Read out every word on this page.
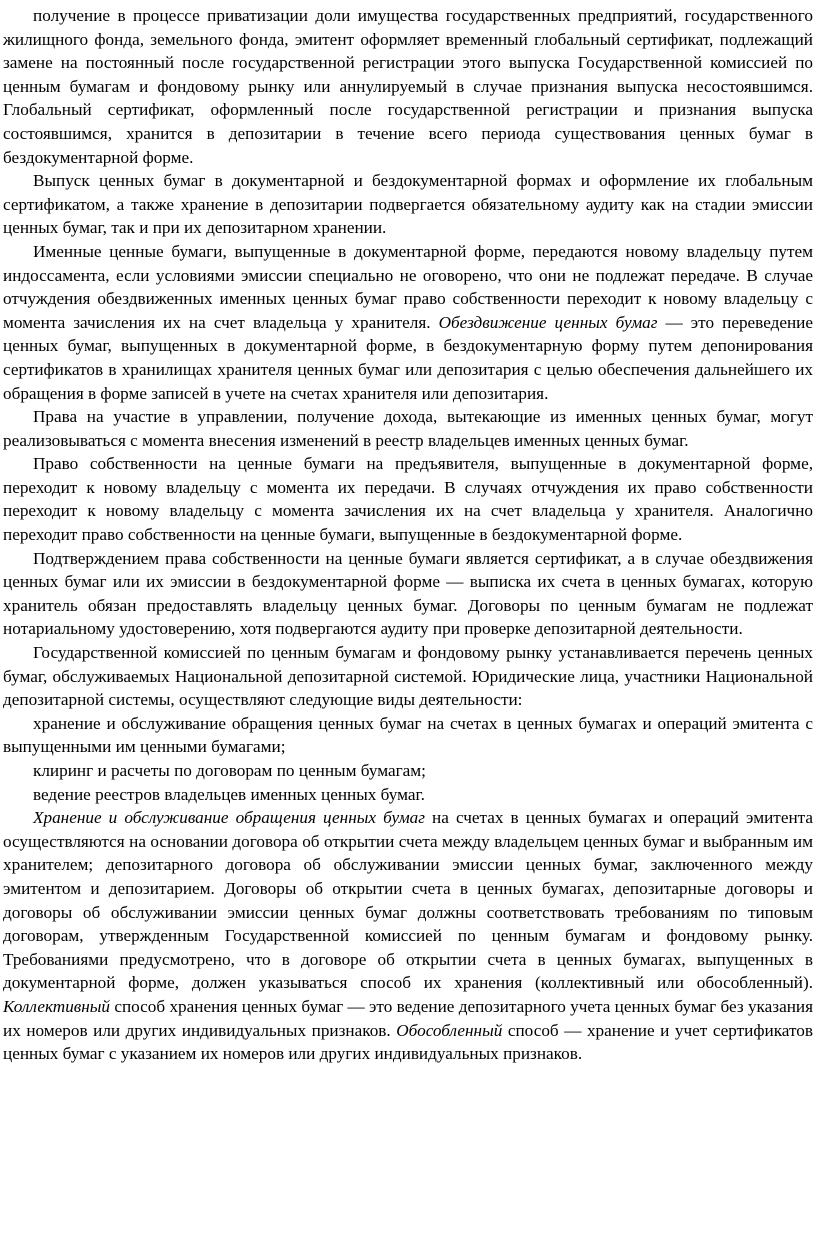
получение в процессе приватизации доли имущества государственных предприятий, государственного жилищного фонда, земельного фонда, эмитент оформляет временный глобальный сертификат, подлежащий замене на постоянный после государственной регистрации этого выпуска Государственной комиссией по ценным бумагам и фондовому рынку или аннулируемый в случае признания выпуска несостоявшимся. Глобальный сертификат, оформленный после государственной регистрации и признания выпуска состоявшимся, хранится в депозитарии в течение всего периода существования ценных бумаг в бездокументарной форме.

Выпуск ценных бумаг в документарной и бездокументарной формах и оформление их глобальным сертификатом, а также хранение в депозитарии подвергается обязательному аудиту как на стадии эмиссии ценных бумаг, так и при их депозитарном хранении.

Именные ценные бумаги, выпущенные в документарной форме, передаются новому владельцу путем индоссамента, если условиями эмиссии специально не оговорено, что они не подлежат передаче. В случае отчуждения обездвиженных именных ценных бумаг право собственности переходит к новому владельцу с момента зачисления их на счет владельца у хранителя. Обездвижение ценных бумаг — это переведение ценных бумаг, выпущенных в документарной форме, в бездокументарную форму путем депонирования сертификатов в хранилищах хранителя ценных бумаг или депозитария с целью обеспечения дальнейшего их обращения в форме записей в учете на счетах хранителя или депозитария.

Права на участие в управлении, получение дохода, вытекающие из именных ценных бумаг, могут реализовываться с момента внесения изменений в реестр владельцев именных ценных бумаг.

Право собственности на ценные бумаги на предъявителя, выпущенные в документарной форме, переходит к новому владельцу с момента их передачи. В случаях отчуждения их право собственности переходит к новому владельцу с момента зачисления их на счет владельца у хранителя. Аналогично переходит право собственности на ценные бумаги, выпущенные в бездокументарной форме.

Подтверждением права собственности на ценные бумаги является сертификат, а в случае обездвижения ценных бумаг или их эмиссии в бездокументарной форме — выписка их счета в ценных бумагах, которую хранитель обязан предоставлять владельцу ценных бумаг. Договоры по ценным бумагам не подлежат нотариальному удостоверению, хотя подвергаются аудиту при проверке депозитарной деятельности.

Государственной комиссией по ценным бумагам и фондовому рынку устанавливается перечень ценных бумаг, обслуживаемых Национальной депозитарной системой. Юридические лица, участники Национальной депозитарной системы, осуществляют следующие виды деятельности:

хранение и обслуживание обращения ценных бумаг на счетах в ценных бумагах и операций эмитента с выпущенными им ценными бумагами;

клиринг и расчеты по договорам по ценным бумагам;

ведение реестров владельцев именных ценных бумаг.

Хранение и обслуживание обращения ценных бумаг на счетах в ценных бумагах и операций эмитента осуществляются на основании договора об открытии счета между владельцем ценных бумаг и выбранным им хранителем; депозитарного договора об обслуживании эмиссии ценных бумаг, заключенного между эмитентом и депозитарием. Договоры об открытии счета в ценных бумагах, депозитарные договоры и договоры об обслуживании эмиссии ценных бумаг должны соответствовать требованиям по типовым договорам, утвержденным Государственной комиссией по ценным бумагам и фондовому рынку. Требованиями предусмотрено, что в договоре об открытии счета в ценных бумагах, выпущенных в документарной форме, должен указываться способ их хранения (коллективный или обособленный). Коллективный способ хранения ценных бумаг — это ведение депозитарного учета ценных бумаг без указания их номеров или других индивидуальных признаков. Обособленный способ — хранение и учет сертификатов ценных бумаг с указанием их номеров или других индивидуальных признаков.
